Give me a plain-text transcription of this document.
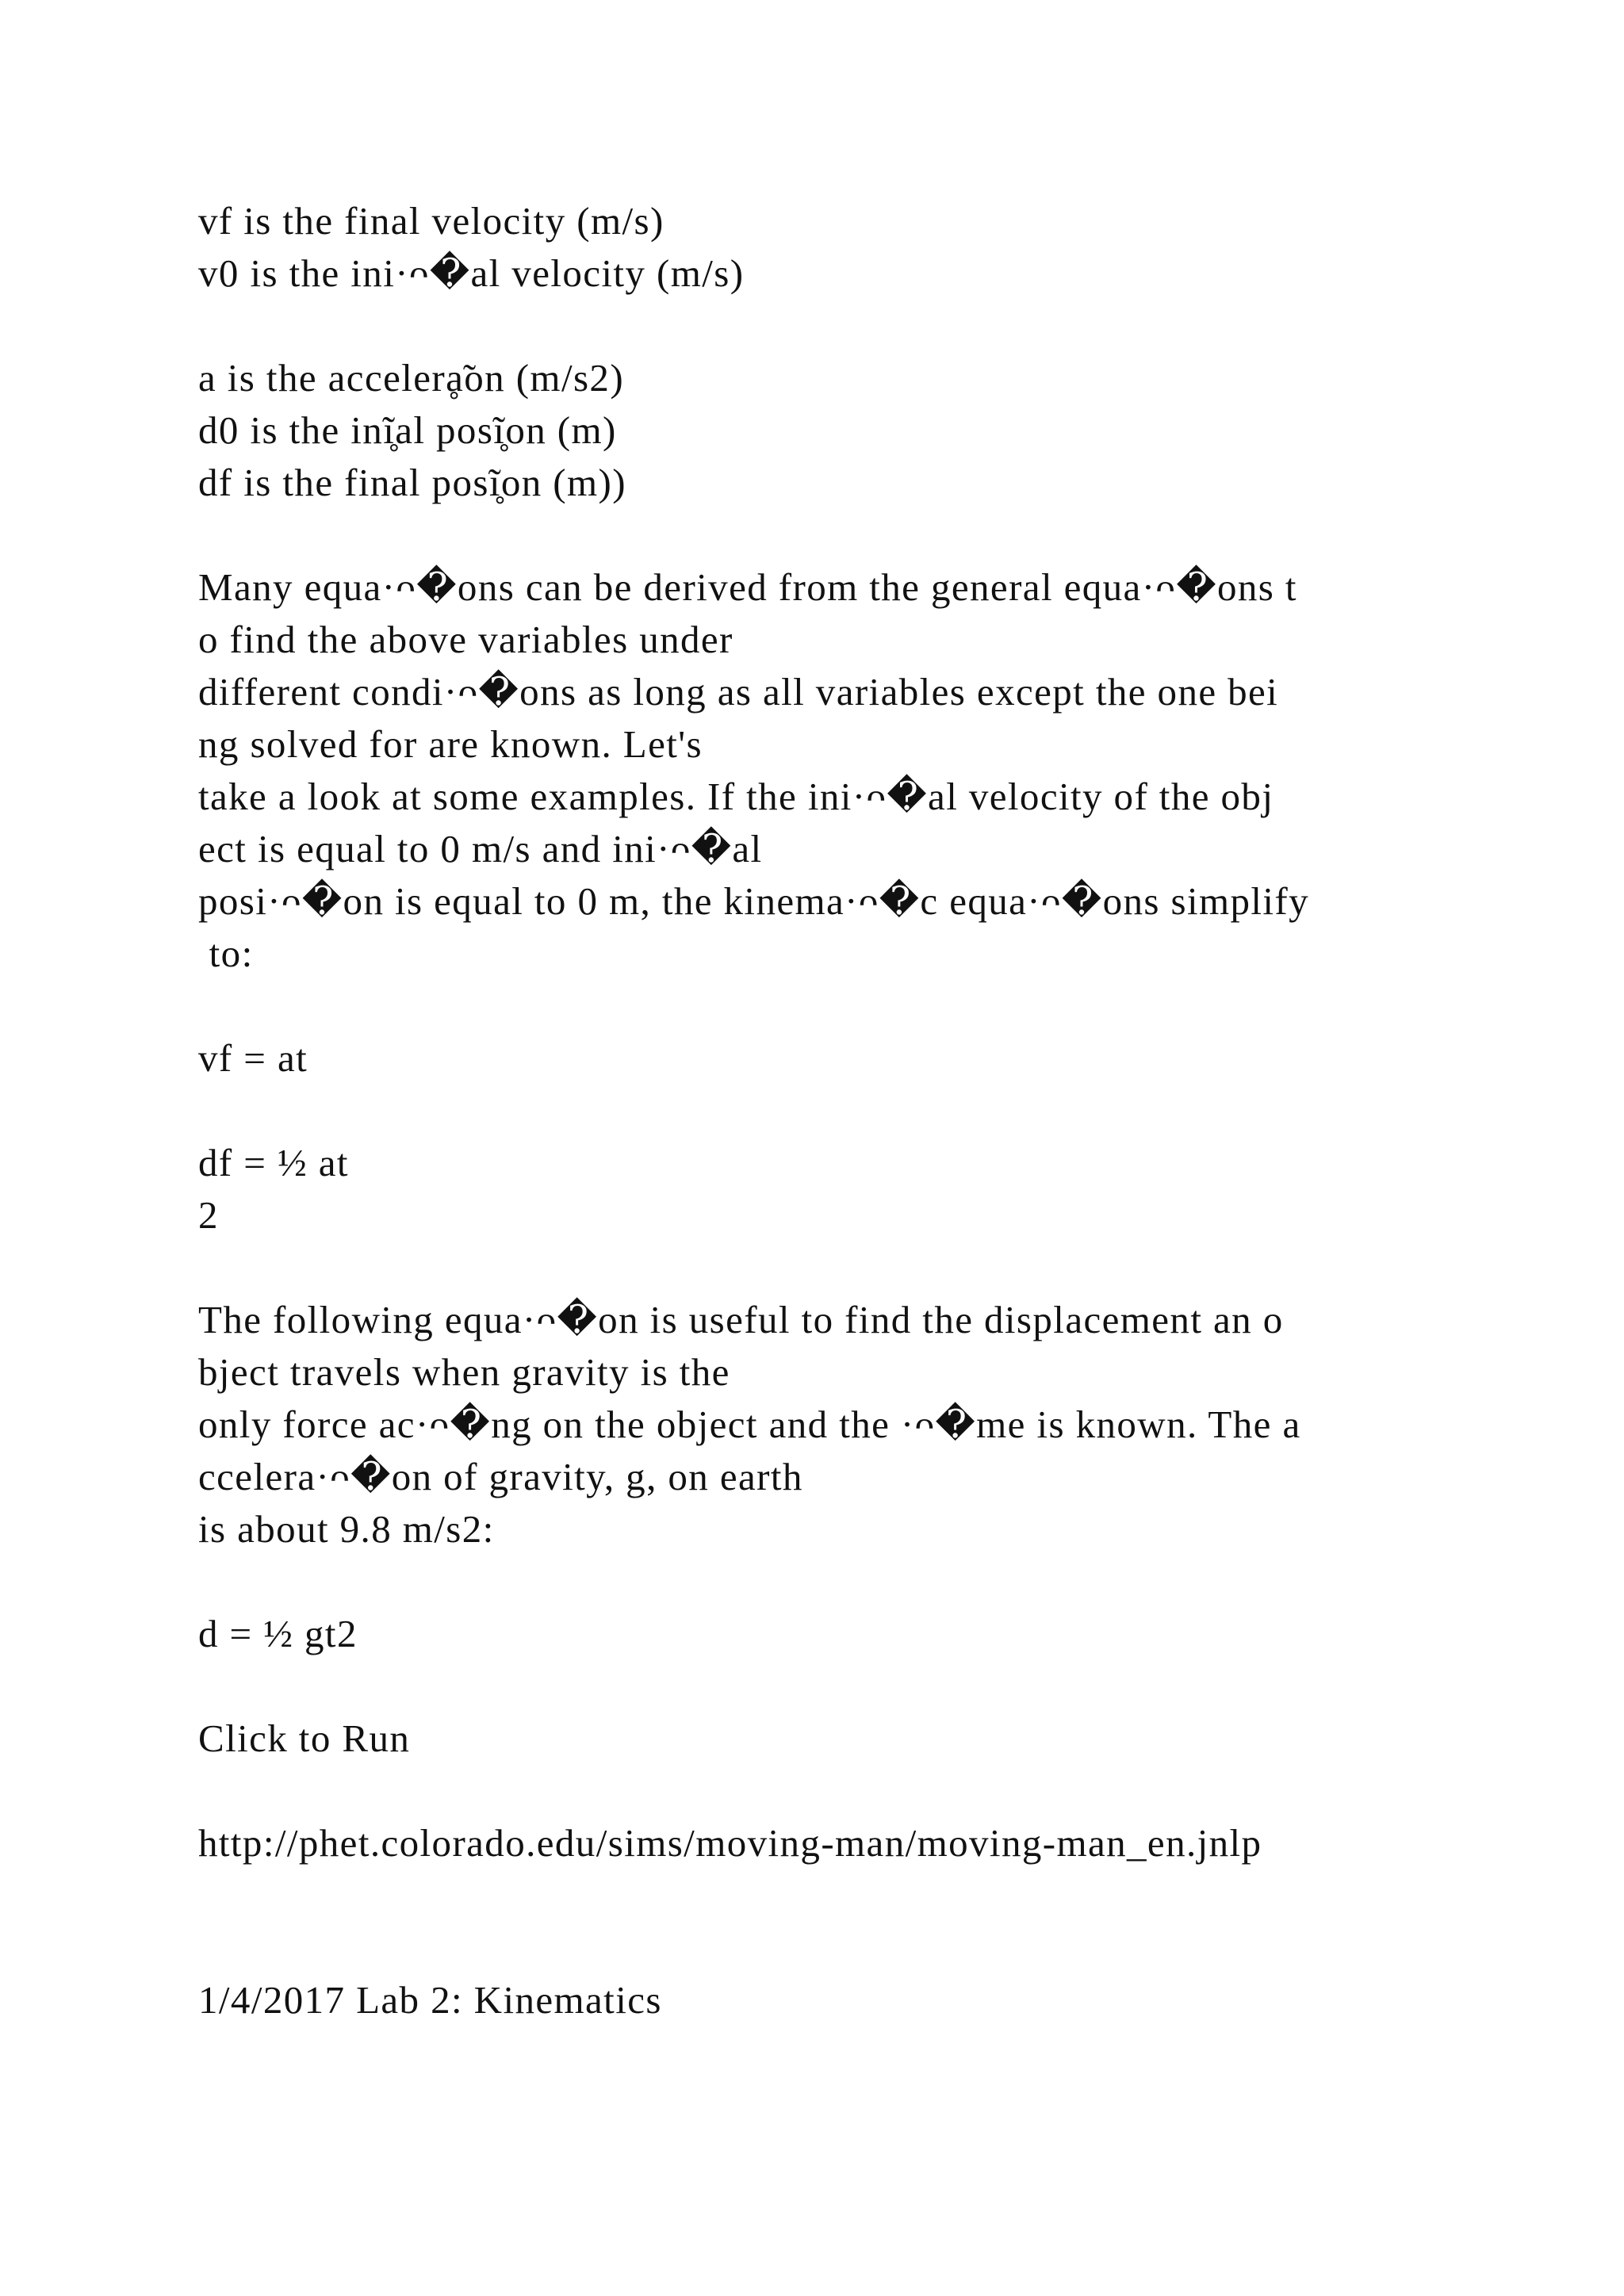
vf is the final velocity (m/s)
v0 is the ini·ᴖ�al velocity (m/s)
a is the accelerḁ̃on (m/s2)
d0 is the inĩ̥al posĩ̥on (m)
df is the final posĩ̥on (m))
Many equa·ᴖ�ons can be derived from the general equa·ᴖ�ons t
o find the above variables under
different condi·ᴖ�ons as long as all variables except the one bei
ng solved for are known. Let's
take a look at some examples. If the ini·ᴖ�al velocity of the obj
ect is equal to 0 m/s and ini·ᴖ�al
posi·ᴖ�on is equal to 0 m, the kinema·ᴖ�c equa·ᴖ�ons simplify
to:
vf = at
df = ½ at
2
The following equa·ᴖ�on is useful to find the displacement an o
bject travels when gravity is the
only force ac·ᴖ�ng on the object and the ·ᴖ�me is known. The a
ccelera·ᴖ�on of gravity, g, on earth
is about 9.8 m/s2:
d = ½ gt2
Click to Run
http://phet.colorado.edu/sims/moving-man/moving-man_en.jnlp
1/4/2017 Lab 2: Kinematics
